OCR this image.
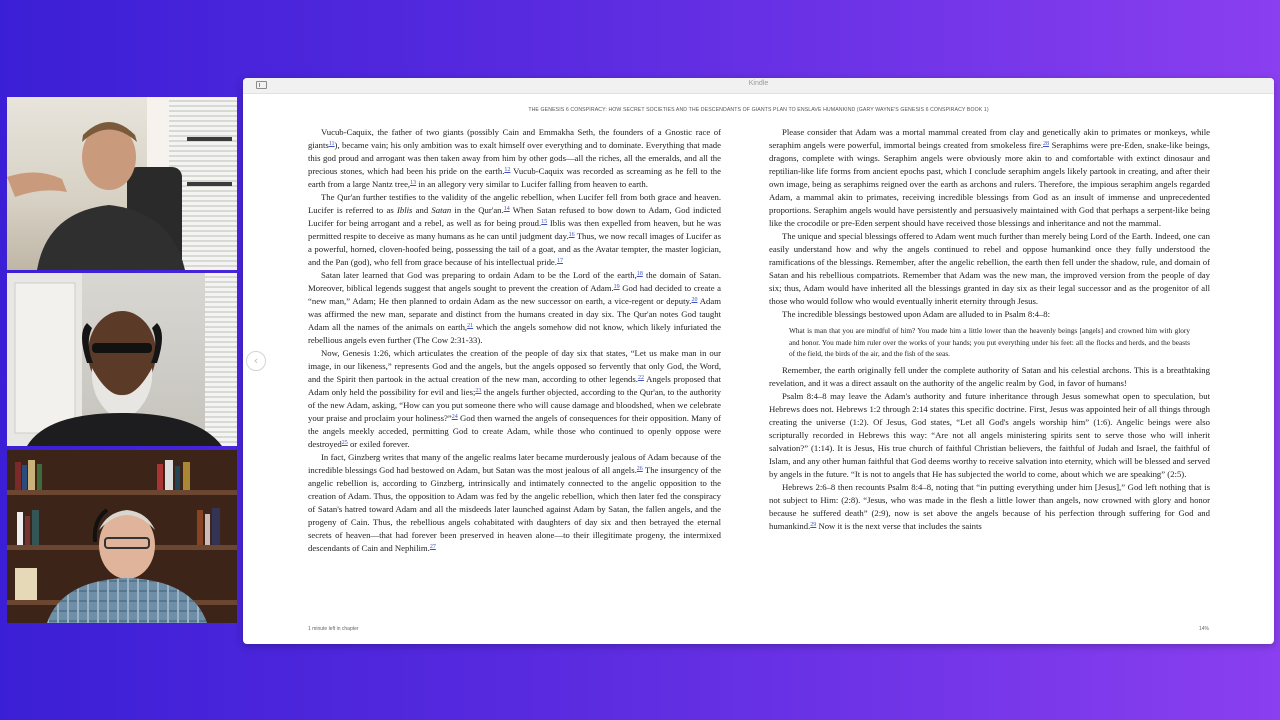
Kindle
THE GENESIS 6 CONSPIRACY: HOW SECRET SOCIETIES AND THE DESCENDANTS OF GIANTS PLAN TO ENSLAVE HUMANKIND (GARY WAYNE'S GENESIS 6 CONSPIRACY BOOK 1)
‹

Vucub-Caquix, the father of two giants (possibly Cain and Emmakha Seth, the founders of a Gnostic race of giants$^{11}$), became vain; his only ambition was to exalt himself over everything and to dominate. Everything that made this god proud and arrogant was then taken away from him by other gods—all the riches, all the emeralds, and all the precious stones, which had been his pride on the earth.$^{12}$ Vucub-Caquix was recorded as screaming as he fell to the earth from a large Nantz tree,$^{13}$ in an allegory very similar to Lucifer falling from heaven to earth.

The Qur'an further testifies to the validity of the angelic rebellion, when Lucifer fell from both grace and heaven. Lucifer is referred to as Iblis and Satan in the Qur'an.$^{14}$ When Satan refused to bow down to Adam, God indicted Lucifer for being arrogant and a rebel, as well as for being proud.$^{15}$ Iblis was then expelled from heaven, but he was permitted respite to deceive as many humans as he can until judgment day.$^{16}$ Thus, we now recall images of Lucifer as a powerful, horned, cloven-hoofed being, possessing the tail of a goat, and as the Avatar tempter, the master logician, and the Pan (god), who fell from grace because of his intellectual pride.$^{17}$

Satan later learned that God was preparing to ordain Adam to be the Lord of the earth,$^{18}$ the domain of Satan. Moreover, biblical legends suggest that angels sought to prevent the creation of Adam.$^{19}$ God had decided to create a “new man,” Adam; He then planned to ordain Adam as the new successor on earth, a vice-regent or deputy.$^{20}$ Adam was affirmed the new man, separate and distinct from the humans created in day six. The Qur'an notes God taught Adam all the names of the animals on earth,$^{21}$ which the angels somehow did not know, which likely infuriated the rebellious angels even further (The Cow 2:31-33).

Now, Genesis 1:26, which articulates the creation of the people of day six that states, “Let us make man in our image, in our likeness,” represents God and the angels, but the angels opposed so fervently that only God, the Word, and the Spirit then partook in the actual creation of the new man, according to other legends.$^{22}$ Angels proposed that Adam only held the possibility for evil and lies;$^{23}$ the angels further objected, according to the Qur'an, to the authority of the new Adam, asking, “How can you put someone there who will cause damage and bloodshed, when we celebrate your praise and proclaim your holiness?”$^{24}$ God then warned the angels of consequences for their opposition. Many of the angels meekly acceded, permitting God to create Adam, while those who continued to openly oppose were destroyed$^{25}$ or exiled forever.

In fact, Ginzberg writes that many of the angelic realms later became murderously jealous of Adam because of the incredible blessings God had bestowed on Adam, but Satan was the most jealous of all angels.$^{26}$ The insurgency of the angelic rebellion is, according to Ginzberg, intrinsically and intimately connected to the angelic opposition to the creation of Adam. Thus, the opposition to Adam was fed by the angelic rebellion, which then later fed the conspiracy of Satan's hatred toward Adam and all the misdeeds later launched against Adam by Satan, the fallen angels, and the progeny of Cain. Thus, the rebellious angels cohabitated with daughters of day six and then betrayed the eternal secrets of heaven—that had forever been preserved in heaven alone—to their illegitimate progeny, the intermixed descendants of Cain and Nephilim.$^{27}$

Please consider that Adam was a mortal mammal created from clay and genetically akin to primates or monkeys, while seraphim angels were powerful, immortal beings created from smokeless fire.$^{28}$ Seraphims were pre-Eden, snake-like beings, dragons, complete with wings. Seraphim angels were obviously more akin to and comfortable with extinct dinosaur and reptilian-like life forms from ancient epochs past, which I conclude seraphim angels likely partook in creating, and after their own image, being as seraphims reigned over the earth as archons and rulers. Therefore, the impious seraphim angels regarded Adam, a mammal akin to primates, receiving incredible blessings from God as an insult of immense and unprecedented proportions. Seraphim angels would have persistently and persuasively maintained with God that perhaps a serpent-like being like the crocodile or pre-Eden serpent should have received those blessings and inheritance and not the mammal.

The unique and special blessings offered to Adam went much further than merely being Lord of the Earth. Indeed, one can easily understand how and why the angels continued to rebel and oppose humankind once they fully understood the ramifications of the blessings. Remember, after the angelic rebellion, the earth then fell under the shadow, rule, and domain of Satan and his rebellious compatriots. Remember that Adam was the new man, the improved version from the people of day six; thus, Adam would have inherited all the blessings granted in day six as their legal successor and as the progenitor of all those who would follow who would eventually inherit eternity through Jesus.

The incredible blessings bestowed upon Adam are alluded to in Psalm 8:4–8:

What is man that you are mindful of him? You made him a little lower than the heavenly beings [angels] and crowned him with glory and honor. You made him ruler over the works of your hands; you put everything under his feet: all the flocks and herds, and the beasts of the field, the birds of the air, and the fish of the seas.

Remember, the earth originally fell under the complete authority of Satan and his celestial archons. This is a breathtaking revelation, and it was a direct assault on the authority of the angelic realm by God, in favor of humans!

Psalm 8:4–8 may leave the Adam's authority and future inheritance through Jesus somewhat open to speculation, but Hebrews does not. Hebrews 1:2 through 2:14 states this specific doctrine. First, Jesus was appointed heir of all things through creating the universe (1:2). Of Jesus, God states, “Let all God's angels worship him” (1:6). Angelic beings were also scripturally recorded in Hebrews this way: “Are not all angels ministering spirits sent to serve those who will inherit salvation?” (1:14). It is Jesus, His true church of faithful Christian believers, the faithful of Judah and Israel, the faithful of Islam, and any other human faithful that God deems worthy to receive salvation into eternity, which will be blessed and served by angels in the future. “It is not to angels that He has subjected the world to come, about which we are speaking” (2:5).

Hebrews 2:6–8 then recounts Psalm 8:4–8, noting that “in putting everything under him [Jesus],” God left nothing that is not subject to Him: (2:8). “Jesus, who was made in the flesh a little lower than angels, now crowned with glory and honor because he suffered death” (2:9), now is set above the angels because of his perfection through suffering for God and humankind.$^{29}$ Now it is the next verse that includes the saints

1 minute left in chapter	14%
